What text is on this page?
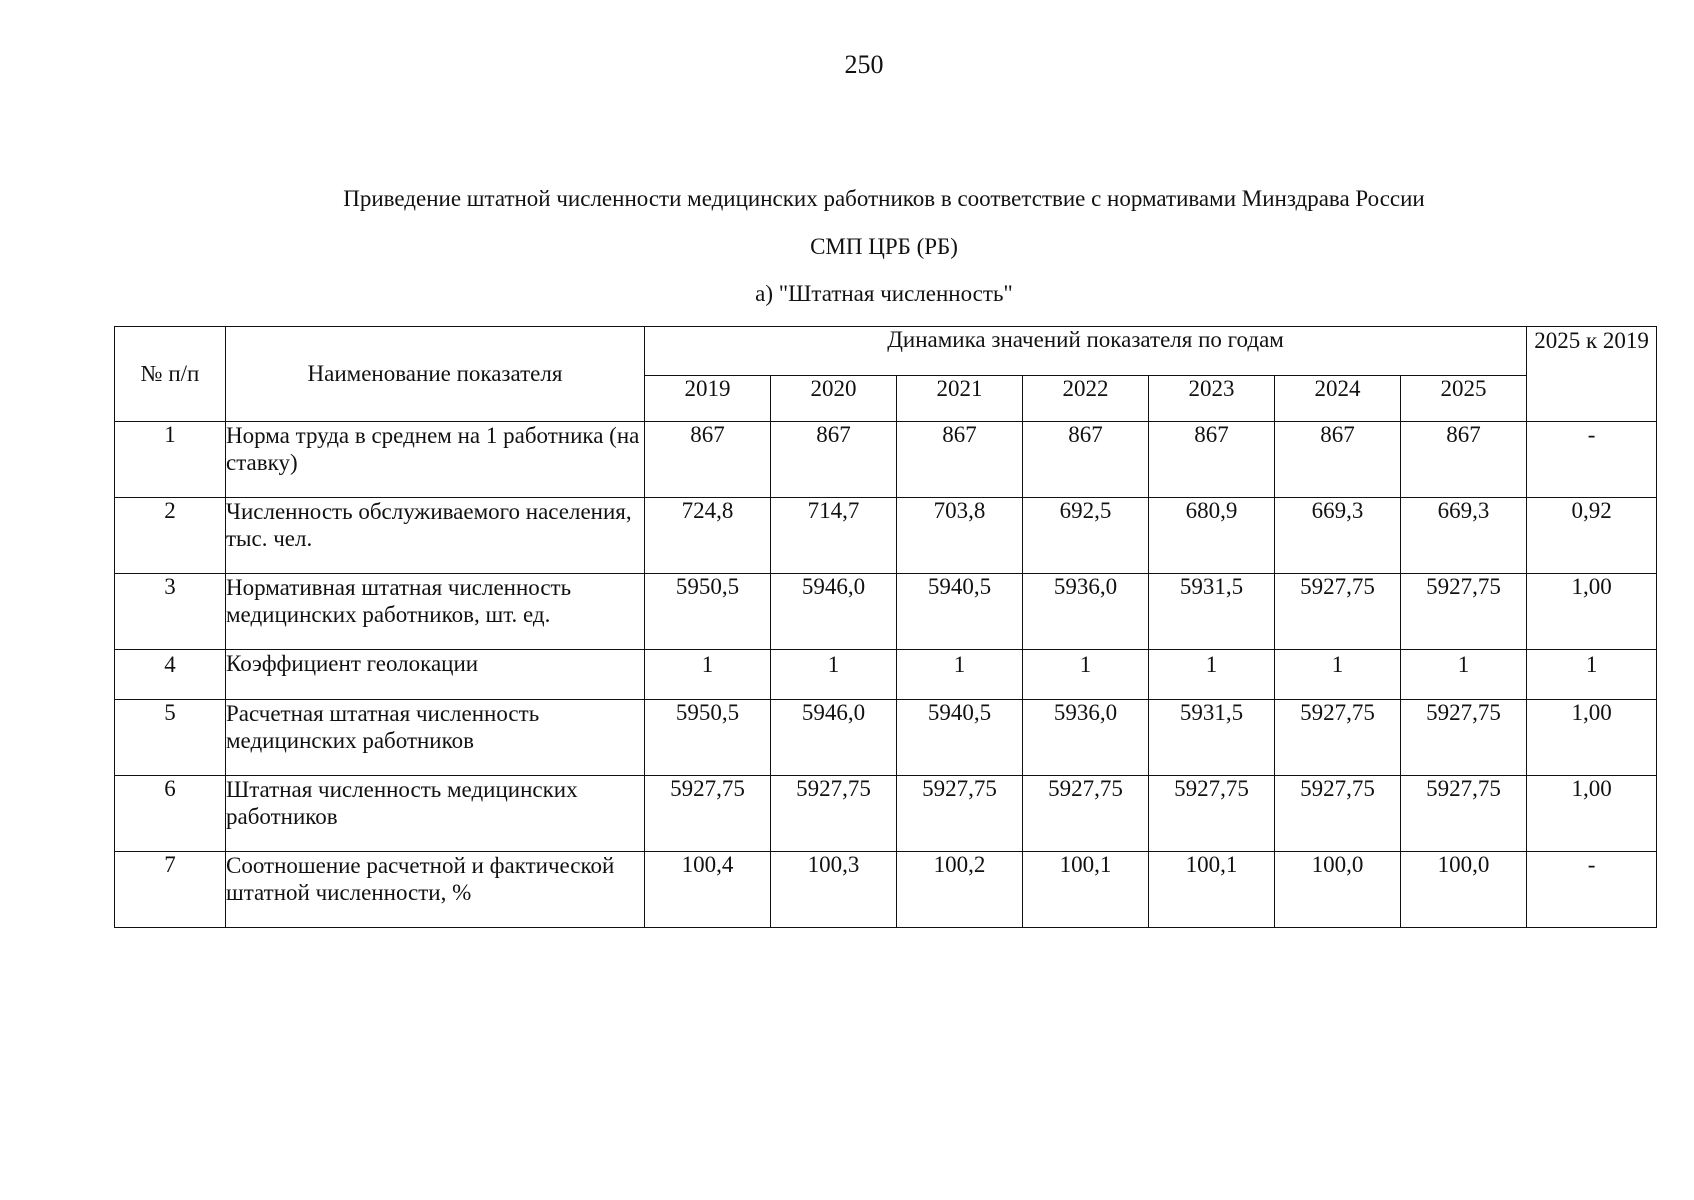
250
Приведение штатной численности медицинских работников в соответствие с нормативами Минздрава России
СМП ЦРБ (РБ)
а) "Штатная численность"
№ п/п	Наименование показателя	Динамика значений показателя по годам							2025 к 2019
		2019	2020	2021	2022	2023	2024	2025	
1	Норма труда в среднем на 1 работника (на ставку)	867	867	867	867	867	867	867	-
2	Численность обслуживаемого населения, тыс. чел.	724,8	714,7	703,8	692,5	680,9	669,3	669,3	0,92
3	Нормативная штатная численность медицинских работников, шт. ед.	5950,5	5946,0	5940,5	5936,0	5931,5	5927,75	5927,75	1,00
4	Коэффициент геолокации	1	1	1	1	1	1	1	1
5	Расчетная штатная численность медицинских работников	5950,5	5946,0	5940,5	5936,0	5931,5	5927,75	5927,75	1,00
6	Штатная численность медицинских работников	5927,75	5927,75	5927,75	5927,75	5927,75	5927,75	5927,75	1,00
7	Соотношение расчетной и фактической штатной численности, %	100,4	100,3	100,2	100,1	100,1	100,0	100,0	-
